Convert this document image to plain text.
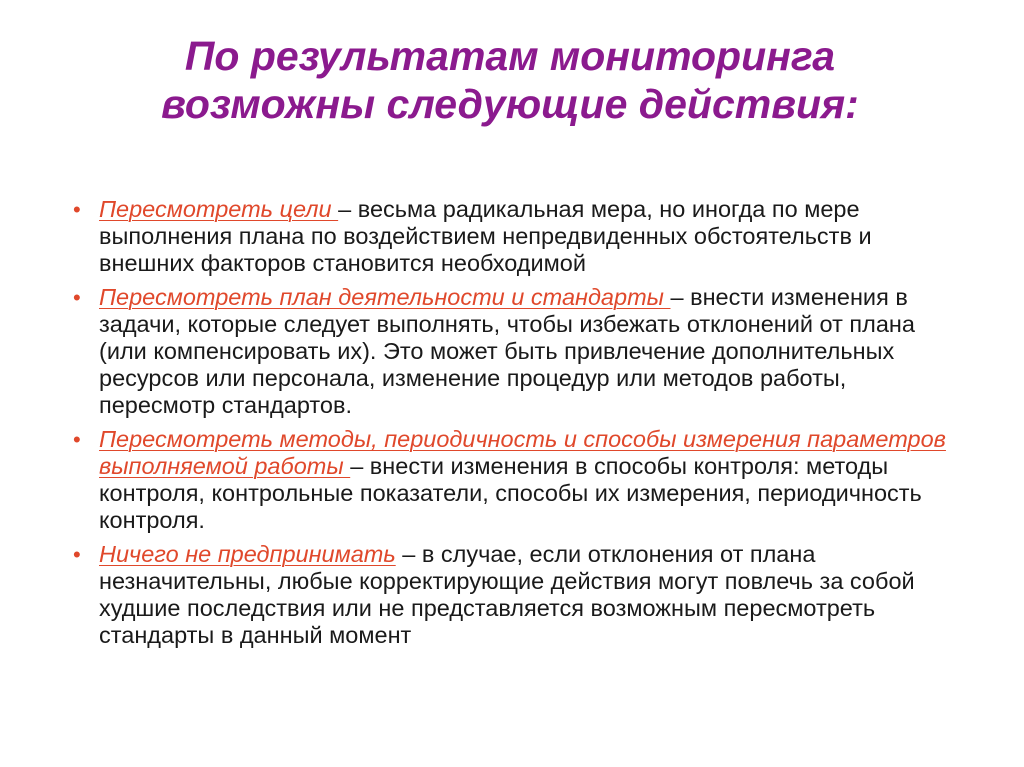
По результатам мониторинга
возможны следующие действия:
• Пересмотреть цели – весьма радикальная мера, но иногда по мере выполнения плана по воздействием непредвиденных обстоятельств и внешних факторов становится необходимой
• Пересмотреть план деятельности и стандарты – внести изменения в задачи, которые следует выполнять, чтобы избежать отклонений от плана (или компенсировать их). Это может быть привлечение дополнительных ресурсов или персонала, изменение процедур или методов работы, пересмотр стандартов.
• Пересмотреть методы, периодичность и способы измерения параметров выполняемой работы – внести изменения в способы контроля: методы контроля, контрольные показатели, способы их измерения, периодичность контроля.
• Ничего не предпринимать – в случае, если отклонения от плана незначительны, любые корректирующие действия могут повлечь за собой худшие последствия или не представляется возможным пересмотреть стандарты в данный момент
